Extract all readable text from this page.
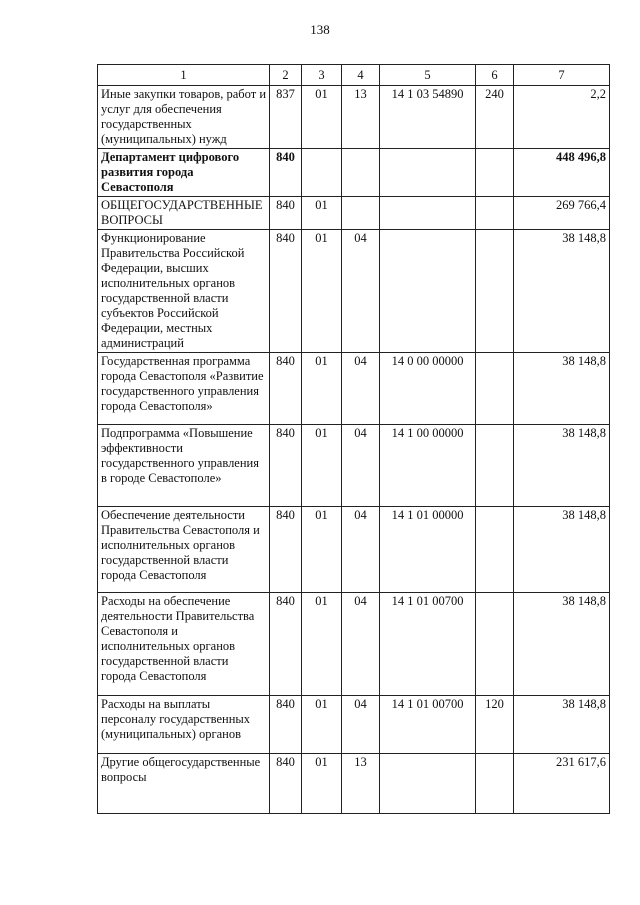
138
1	2	3	4	5	6	7
Иные закупки товаров, работ и услуг для обеспечения государственных (муниципальных) нужд	837	01	13	14 1 03 54890	240	2,2
Департамент цифрового развития города Севастополя	840					448 496,8
ОБЩЕГОСУДАРСТВЕННЫЕ ВОПРОСЫ	840	01				269 766,4
Функционирование Правительства Российской Федерации, высших исполнительных органов государственной власти субъектов Российской Федерации, местных администраций	840	01	04			38 148,8
Государственная программа города Севастополя «Развитие государственного управления города Севастополя»	840	01	04	14 0 00 00000		38 148,8
Подпрограмма «Повышение эффективности государственного управления в городе Севастополе»	840	01	04	14 1 00 00000		38 148,8
Обеспечение деятельности Правительства Севастополя и исполнительных органов государственной власти города Севастополя	840	01	04	14 1 01 00000		38 148,8
Расходы на обеспечение деятельности Правительства Севастополя и исполнительных органов государственной власти города Севастополя	840	01	04	14 1 01 00700		38 148,8
Расходы на выплаты персоналу государственных (муниципальных) органов	840	01	04	14 1 01 00700	120	38 148,8
Другие общегосударственные вопросы	840	01	13			231 617,6
